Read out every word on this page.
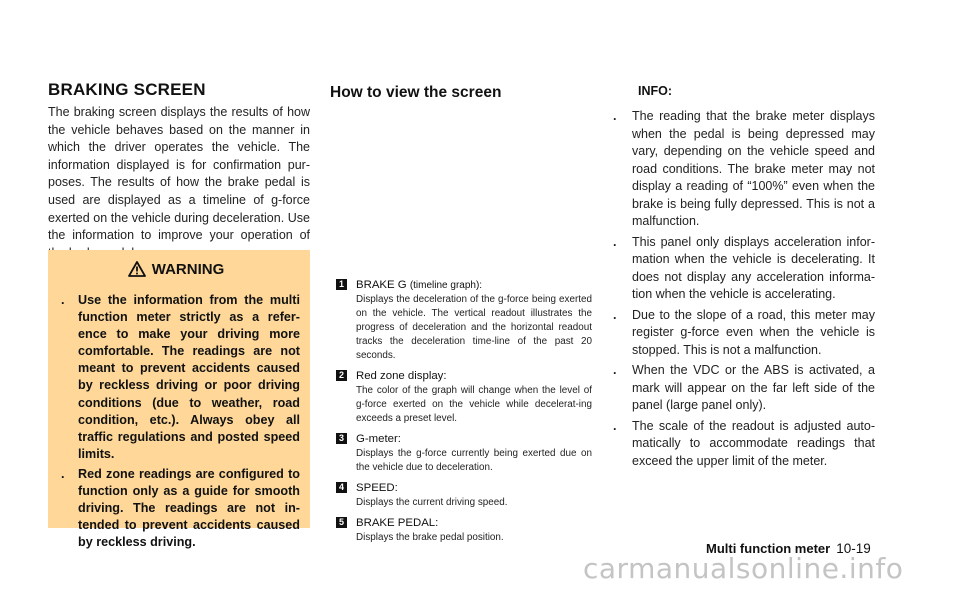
BRAKING SCREEN

The braking screen displays the results of how the vehicle behaves based on the manner in which the driver operates the vehicle. The information displayed is for confirmation pur-poses. The results of how the brake pedal is used are displayed as a timeline of g-force exerted on the vehicle during deceleration. Use the information to improve your operation of

WARNING
. Use the information from the multi function meter strictly as a refer-ence to make your driving more comfortable. The readings are not meant to prevent accidents caused by reckless driving or poor driving conditions (due to weather, road condition, etc.). Always obey all traffic regulations and posted speed limits.
. Red zone readings are configured to function only as a guide for smooth driving. The readings are not in-tended to prevent accidents caused by reckless driving.
How to view the screen
1 BRAKE G (timeline graph):
Displays the deceleration of the g-force being exerted on the vehicle. The vertical readout illustrates the progress of deceleration and the horizontal readout tracks the deceleration time-line of the past 20 seconds.
2 Red zone display:
The color of the graph will change when the level of g-force exerted on the vehicle while decelerat-ing exceeds a preset level.
3 G-meter:
Displays the g-force currently being exerted due on the vehicle due to deceleration.
4 SPEED:
Displays the current driving speed.
5 BRAKE PEDAL:
Displays the brake pedal position.
INFO:
. The reading that the brake meter displays when the pedal is being depressed may vary, depending on the vehicle speed and road conditions. The brake meter may not display a reading of “100%” even when the brake is being fully depressed. This is not a malfunction.
. This panel only displays acceleration infor-mation when the vehicle is decelerating. It does not display any acceleration informa-tion when the vehicle is accelerating.
. Due to the slope of a road, this meter may register g-force even when the vehicle is stopped. This is not a malfunction.
. When the VDC or the ABS is activated, a mark will appear on the far left side of the panel (large panel only).
. The scale of the readout is adjusted auto-matically to accommodate readings that exceed the upper limit of the meter.
Multi function meter 10-19
carmanualsonline.info
